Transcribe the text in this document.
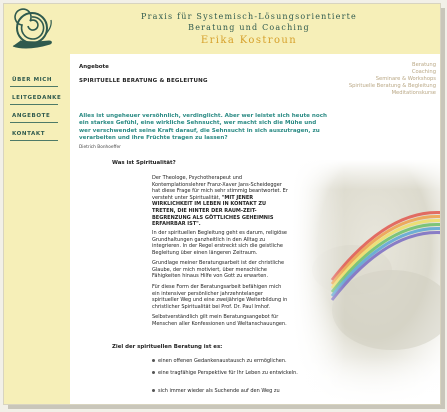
Praxis für Systemisch-Lösungsorientierte
Beratung und Coaching
Erika Kostroun
ÜBER MICH
LEITGEDANKE
ANGEBOTE
KONTAKT
Angebote
SPIRITUELLE BERATUNG & BEGLEITUNG
Beratung
Coaching
Seminare & Workshops
Spirituelle Beratung & Begleitung
Meditationskurse
Alles ist ungeheuer versöhnlich, verdinglicht. Aber wer leistet sich heute noch ein starkes Gefühl, eine wirkliche Sehnsucht, wer macht sich die Mühe und wer verschwendet seine Kraft darauf, die Sehnsucht in sich auszutragen, zu verarbeiten und ihre Früchte tragen zu lassen?
Dietrich Bonhoeffer
Was ist Spiritualität?
Der Theologe, Psychotherapeut und Kontemplationslehrer Franz-Xaver Jans-Scheidegger hat diese Frage für mich sehr stimmig beantwortet. Er versteht unter Spiritualität, "MIT JENER WIRKLICHKEIT IM LEBEN IN KONTAKT ZU TRETEN, DIE HINTER DER RAUM-ZEIT-BEGRENZUNG ALS GÖTTLICHES GEHEIMNIS ERFAHRBAR IST".
In der spirituellen Begleitung geht es darum, religiöse Grundhaltungen ganzheitlich in den Alltag zu integrieren. In der Regel erstreckt sich die geistliche Begleitung über einen längeren Zeitraum.
Grundlage meiner Beratungsarbeit ist der christliche Glaube, der mich motiviert, über menschliche Fähigkeiten hinaus Hilfe von Gott zu erwarten.
Für diese Form der Beratungsarbeit befähigen mich ein intensiver persönlicher jahrzehntelanger spiritueller Weg und eine zweijährige Weiterbildung in christlicher Spiritualität bei Prof. Dr. Paul Imhof.
Selbstverständlich gilt mein Beratungsangebot für Menschen aller Konfessionen und Weltanschauungen.
Ziel der spirituellen Beratung ist es:
einen offenen Gedankenaustausch zu ermöglichen.
eine tragfähige Perspektive für Ihr Leben zu entwickeln.
sich immer wieder als Suchende auf den Weg zu
